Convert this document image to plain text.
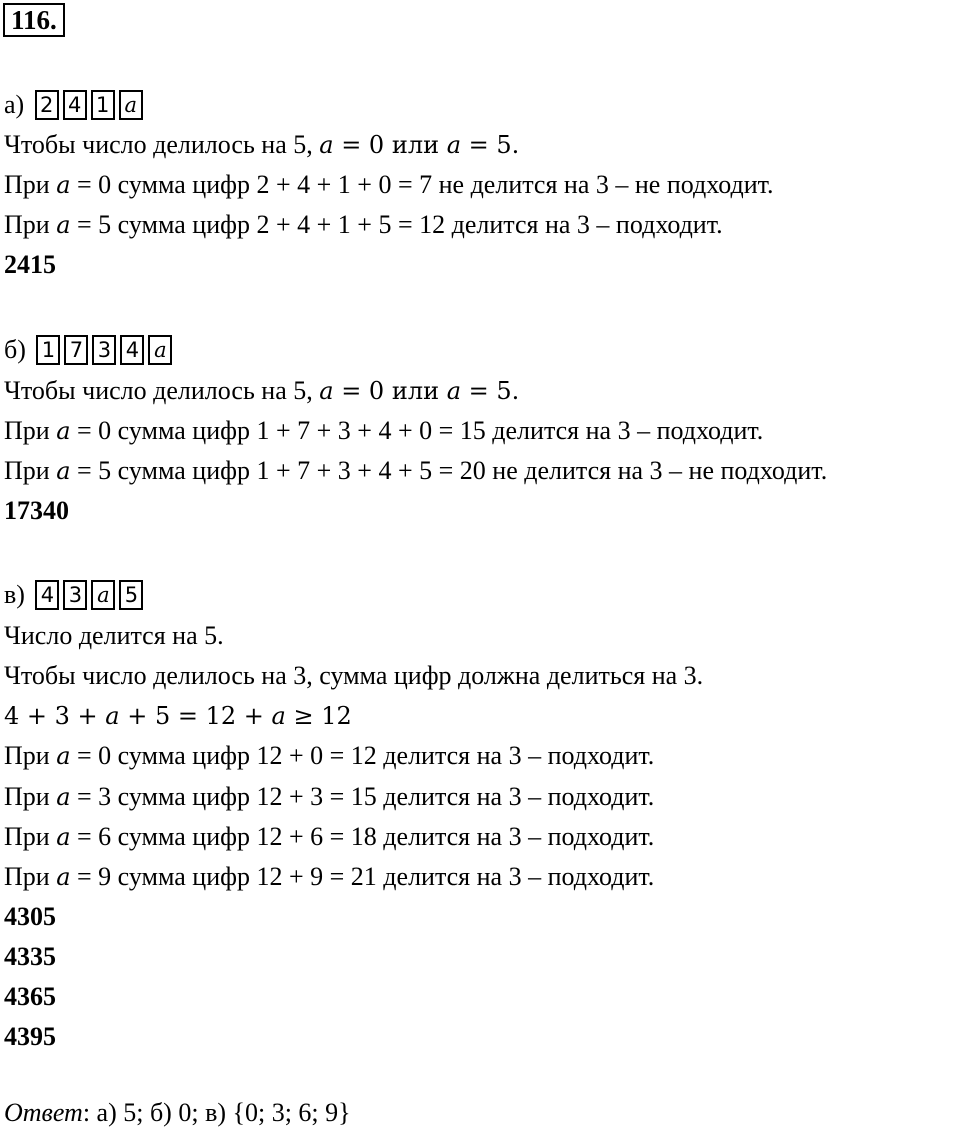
116.
а) 2 4 1 a
Чтобы число делилось на 5, a = 0 или a = 5.
При a = 0 сумма цифр 2 + 4 + 1 + 0 = 7 не делится на 3 – не подходит.
При a = 5 сумма цифр 2 + 4 + 1 + 5 = 12 делится на 3 – подходит.
2415
б) 1 7 3 4 a
Чтобы число делилось на 5, a = 0 или a = 5.
При a = 0 сумма цифр 1 + 7 + 3 + 4 + 0 = 15 делится на 3 – подходит.
При a = 5 сумма цифр 1 + 7 + 3 + 4 + 5 = 20 не делится на 3 – не подходит.
17340
в) 4 3 a 5
Число делится на 5.
Чтобы число делилось на 3, сумма цифр должна делиться на 3.
4 + 3 + a + 5 = 12 + a ≥ 12
При a = 0 сумма цифр 12 + 0 = 12 делится на 3 – подходит.
При a = 3 сумма цифр 12 + 3 = 15 делится на 3 – подходит.
При a = 6 сумма цифр 12 + 6 = 18 делится на 3 – подходит.
При a = 9 сумма цифр 12 + 9 = 21 делится на 3 – подходит.
4305
4335
4365
4395
Ответ: а) 5; б) 0; в) {0; 3; 6; 9}
